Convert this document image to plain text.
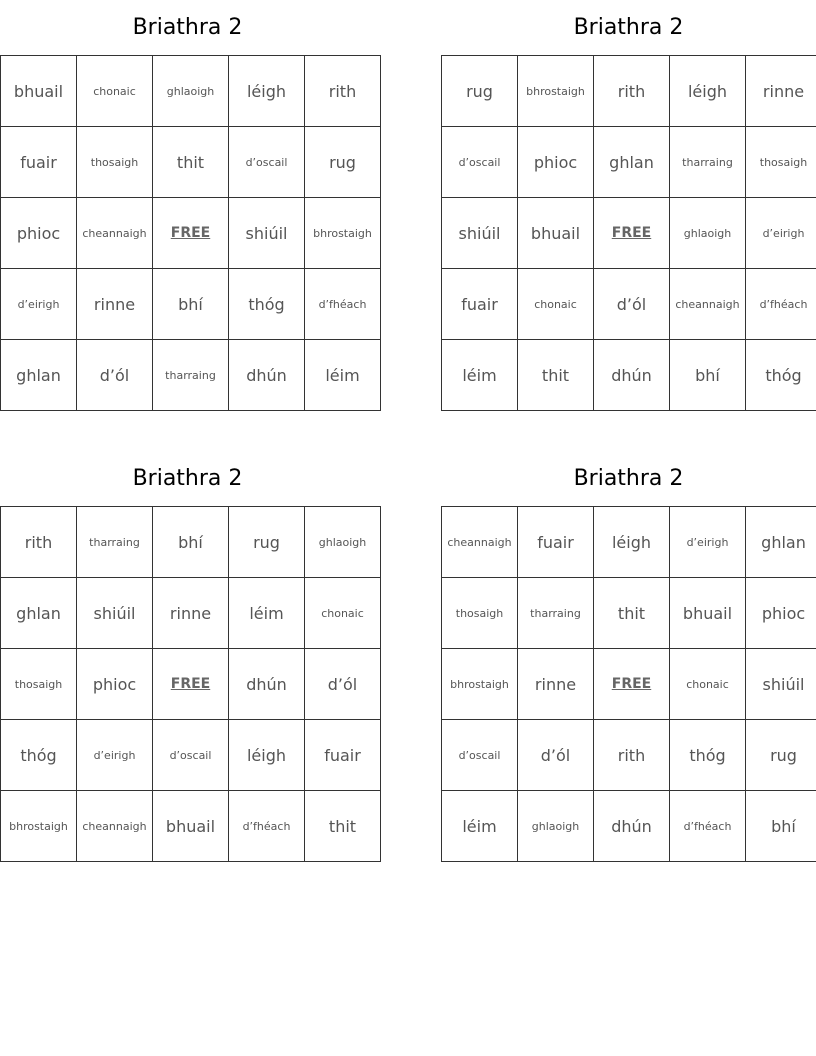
Briathra 2
bhuail	chonaic	ghlaoigh	léigh	rith
fuair	thosaigh	thit	d’oscail	rug
phioc	cheannaigh	FREE	shiúil	bhrostaigh
d’eirigh	rinne	bhí	thóg	d’fhéach
ghlan	d’ól	tharraing	dhún	léim
Briathra 2
rug	bhrostaigh	rith	léigh	rinne
d’oscail	phioc	ghlan	tharraing	thosaigh
shiúil	bhuail	FREE	ghlaoigh	d’eirigh
fuair	chonaic	d’ól	cheannaigh	d’fhéach
léim	thit	dhún	bhí	thóg
Briathra 2
rith	tharraing	bhí	rug	ghlaoigh
ghlan	shiúil	rinne	léim	chonaic
thosaigh	phioc	FREE	dhún	d’ól
thóg	d’eirigh	d’oscail	léigh	fuair
bhrostaigh	cheannaigh	bhuail	d’fhéach	thit
Briathra 2
cheannaigh	fuair	léigh	d’eirigh	ghlan
thosaigh	tharraing	thit	bhuail	phioc
bhrostaigh	rinne	FREE	chonaic	shiúil
d’oscail	d’ól	rith	thóg	rug
léim	ghlaoigh	dhún	d’fhéach	bhí
